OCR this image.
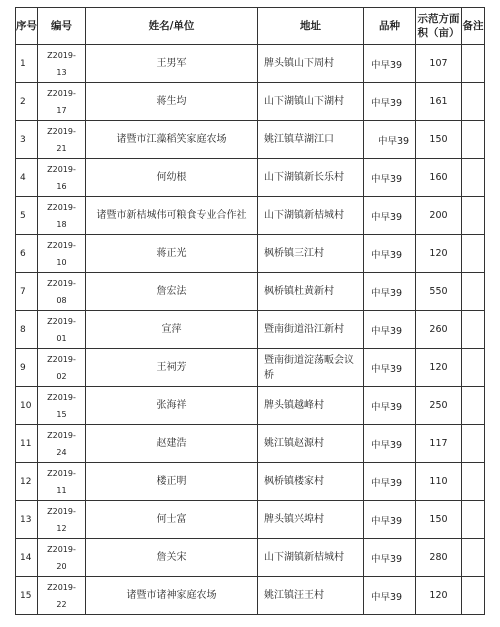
序号	编号	姓名/单位	地址	品种	示范方面积（亩）	备注
1	Z2019-
13	王男军	牌头镇山下周村	中早39	107	
2	Z2019-
17	蒋生均	山下湖镇山下湖村	中早39	161	
3	Z2019-
21	诸暨市江藻稻笑家庭农场	姚江镇草湖江口	中早39	150	
4	Z2019-
16	何幼根	山下湖镇新长乐村	中早39	160	
5	Z2019-
18	诸暨市新桔城伟可粮食专业合作社	山下湖镇新桔城村	中早39	200	
6	Z2019-
10	蒋正光	枫桥镇三江村	中早39	120	
7	Z2019-
08	詹宏法	枫桥镇杜黄新村	中早39	550	
8	Z2019-
01	宣萍	暨南街道沿江新村	中早39	260	
9	Z2019-
02	王祠芳	暨南街道淀荡畈会议桥	中早39	120	
10	Z2019-
15	张海祥	牌头镇越峰村	中早39	250	
11	Z2019-
24	赵建浩	姚江镇赵源村	中早39	117	
12	Z2019-
11	楼正明	枫桥镇楼家村	中早39	110	
13	Z2019-
12	何士富	牌头镇兴埠村	中早39	150	
14	Z2019-
20	詹关宋	山下湖镇新桔城村	中早39	280	
15	Z2019-
22	诸暨市诸神家庭农场	姚江镇汪王村	中早39	120	
